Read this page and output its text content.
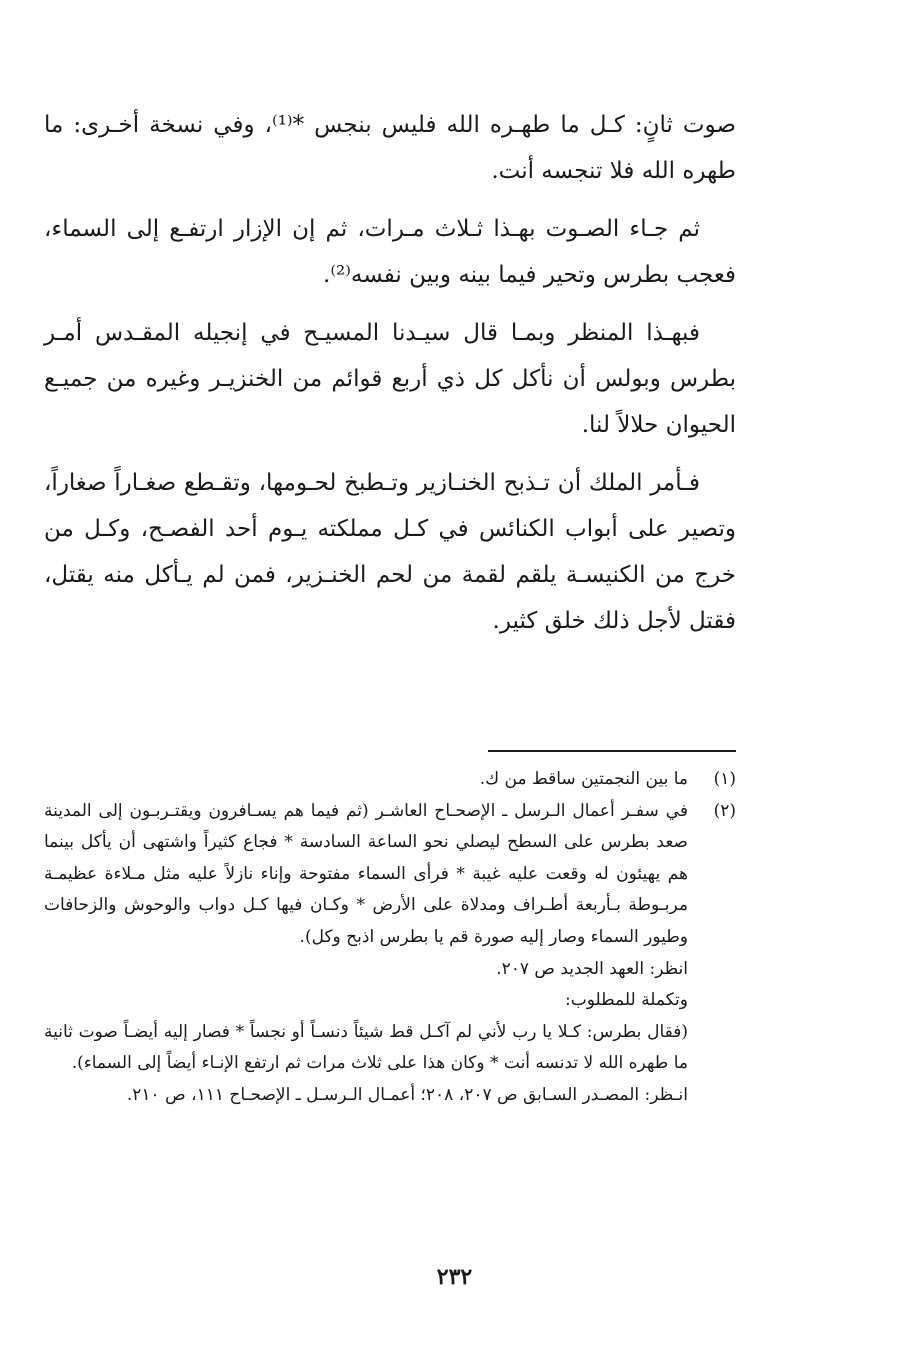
صوت ثانٍ: كـل ما طهـره الله فليس بنجس *⁽¹⁾، وفي نسخة أخـرى: ما طهره الله فلا تنجسه أنت.

ثم جـاء الصـوت بهـذا ثـلاث مـرات، ثم إن الإزار ارتفـع إلى السماء، فعجب بطرس وتحير فيما بينه وبين نفسه⁽²⁾.

فبهـذا المنظر وبمـا قال سيـدنا المسيـح في إنجيله المقـدس أمـر بطرس وبولس أن نأكل كل ذي أربع قوائم من الخنزيـر وغيره من جميـع الحيوان حلالاً لنا.

فـأمر الملك أن تـذبح الخنـازير وتـطبخ لحـومها، وتقـطع صغـاراً صغاراً، وتصير على أبواب الكنائس في كـل مملكته يـوم أحد الفصـح، وكـل من خرج من الكنيسـة يلقم لقمة من لحم الخنـزير، فمن لم يـأكل منه يقتل، فقتل لأجل ذلك خلق كثير.

(١)

ما بين النجمتين ساقط من ك.

(٢)

في سفـر أعمال الـرسل ـ الإصحـاح العاشـر (ثم فيما هم يسـافرون ويقتـربـون إلى المدينة صعد بطرس على السطح ليصلي نحو الساعة السادسة * فجاع كثيراً واشتهى أن يأكل بينما هم يهيئون له وقعت عليه غيبة * فرأى السماء مفتوحة وإناء نازلاً عليه مثل مـلاءة عظيمـة مربـوطة بـأربعة أطـراف ومدلاة على الأرض * وكـان فيها كـل دواب والوحوش والزحافات وطيور السماء وصار إليه صورة قم يا بطرس اذبح وكل).

انظر: العهد الجديد ص ٢٠٧.

وتكملة للمطلوب:

(فقال بطرس: كـلا يا رب لأني لم آكـل قط شيئاً دنسـاً أو نجساً * فصار إليه أيضـاً صوت ثانية ما طهره الله لا تدنسه أنت * وكان هذا على ثلاث مرات ثم ارتفع الإنـاء أيضاً إلى السماء).

انـظر: المصـدر السـابق ص ٢٠٧، ٢٠٨؛ أعمـال الـرسـل ـ الإصحـاح ١١١، ص ٢١٠.

٢٣٢
